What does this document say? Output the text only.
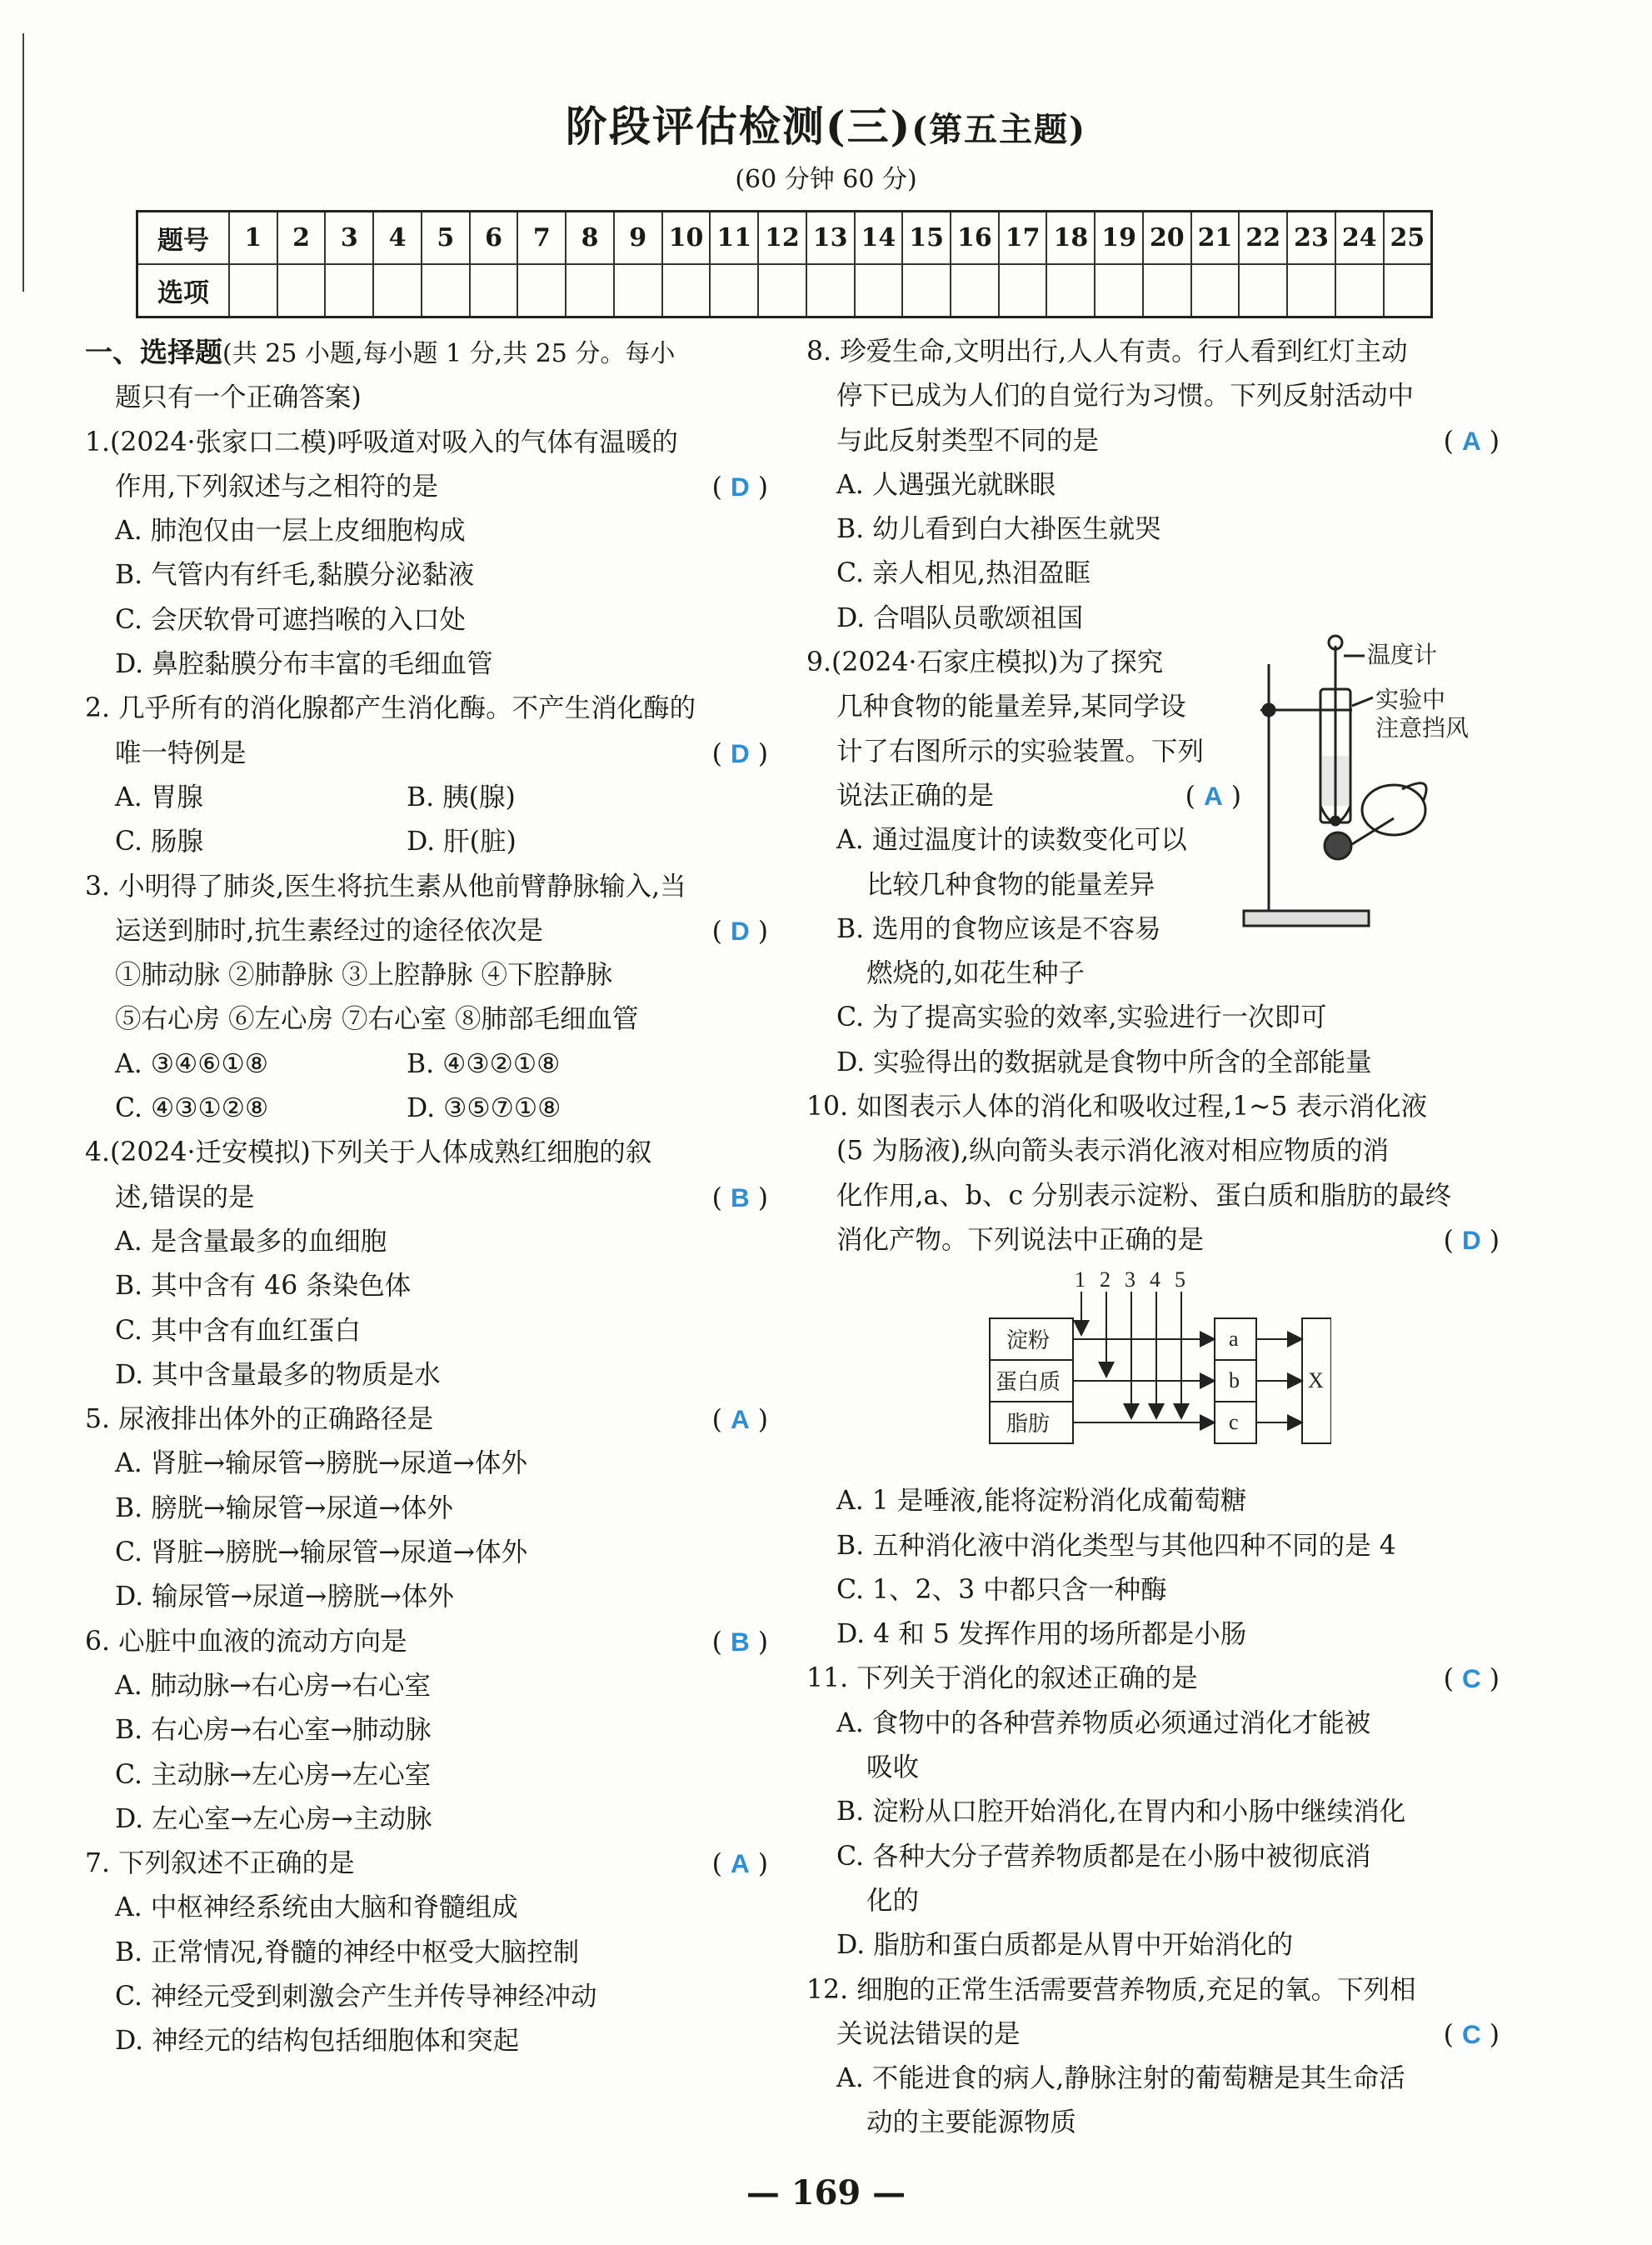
阶段评估检测(三)(第五主题)
(60 分钟 60 分)
题号	1	2	3	4	5	6	7	8	9	10	11	12	13	14	15	16	17	18	19	20	21	22	23	24	25
选项																									
一、选择题(共 25 小题,每小题 1 分,共 25 分。每小
题只有一个正确答案)
1.(2024·张家口二模)呼吸道对吸入的气体有温暖的
作用,下列叙述与之相符的是	( D )
A. 肺泡仅由一层上皮细胞构成
B. 气管内有纤毛,黏膜分泌黏液
C. 会厌软骨可遮挡喉的入口处
D. 鼻腔黏膜分布丰富的毛细血管
2. 几乎所有的消化腺都产生消化酶。不产生消化酶的
唯一特例是	( D )
A. 胃腺	B. 胰(腺)
C. 肠腺	D. 肝(脏)
3. 小明得了肺炎,医生将抗生素从他前臂静脉输入,当
运送到肺时,抗生素经过的途径依次是	( D )
①肺动脉 ②肺静脉 ③上腔静脉 ④下腔静脉
⑤右心房 ⑥左心房 ⑦右心室 ⑧肺部毛细血管
A. ③④⑥①⑧	B. ④③②①⑧
C. ④③①②⑧	D. ③⑤⑦①⑧
4.(2024·迁安模拟)下列关于人体成熟红细胞的叙
述,错误的是	( B )
A. 是含量最多的血细胞
B. 其中含有 46 条染色体
C. 其中含有血红蛋白
D. 其中含量最多的物质是水
5. 尿液排出体外的正确路径是	( A )
A. 肾脏→输尿管→膀胱→尿道→体外
B. 膀胱→输尿管→尿道→体外
C. 肾脏→膀胱→输尿管→尿道→体外
D. 输尿管→尿道→膀胱→体外
6. 心脏中血液的流动方向是	( B )
A. 肺动脉→右心房→右心室
B. 右心房→右心室→肺动脉
C. 主动脉→左心房→左心室
D. 左心室→左心房→主动脉
7. 下列叙述不正确的是	( A )
A. 中枢神经系统由大脑和脊髓组成
B. 正常情况,脊髓的神经中枢受大脑控制
C. 神经元受到刺激会产生并传导神经冲动
D. 神经元的结构包括细胞体和突起
8. 珍爱生命,文明出行,人人有责。行人看到红灯主动
停下已成为人们的自觉行为习惯。下列反射活动中
与此反射类型不同的是	( A )
A. 人遇强光就眯眼
B. 幼儿看到白大褂医生就哭
C. 亲人相见,热泪盈眶
D. 合唱队员歌颂祖国
9.(2024·石家庄模拟)为了探究
几种食物的能量差异,某同学设
计了右图所示的实验装置。下列
说法正确的是	( A )
A. 通过温度计的读数变化可以
比较几种食物的能量差异
B. 选用的食物应该是不容易
燃烧的,如花生种子
C. 为了提高实验的效率,实验进行一次即可
D. 实验得出的数据就是食物中所含的全部能量
温度计
实验中
注意挡风
10. 如图表示人体的消化和吸收过程,1~5 表示消化液
(5 为肠液),纵向箭头表示消化液对相应物质的消
化作用,a、b、c 分别表示淀粉、蛋白质和脂肪的最终
消化产物。下列说法中正确的是	( D )
1 2 3 4 5
淀粉
蛋白质
脂肪
a
b
c
X
A. 1 是唾液,能将淀粉消化成葡萄糖
B. 五种消化液中消化类型与其他四种不同的是 4
C. 1、2、3 中都只含一种酶
D. 4 和 5 发挥作用的场所都是小肠
11. 下列关于消化的叙述正确的是	( C )
A. 食物中的各种营养物质必须通过消化才能被
吸收
B. 淀粉从口腔开始消化,在胃内和小肠中继续消化
C. 各种大分子营养物质都是在小肠中被彻底消
化的
D. 脂肪和蛋白质都是从胃中开始消化的
12. 细胞的正常生活需要营养物质,充足的氧。下列相
关说法错误的是	( C )
A. 不能进食的病人,静脉注射的葡萄糖是其生命活
动的主要能源物质
— 169 —
